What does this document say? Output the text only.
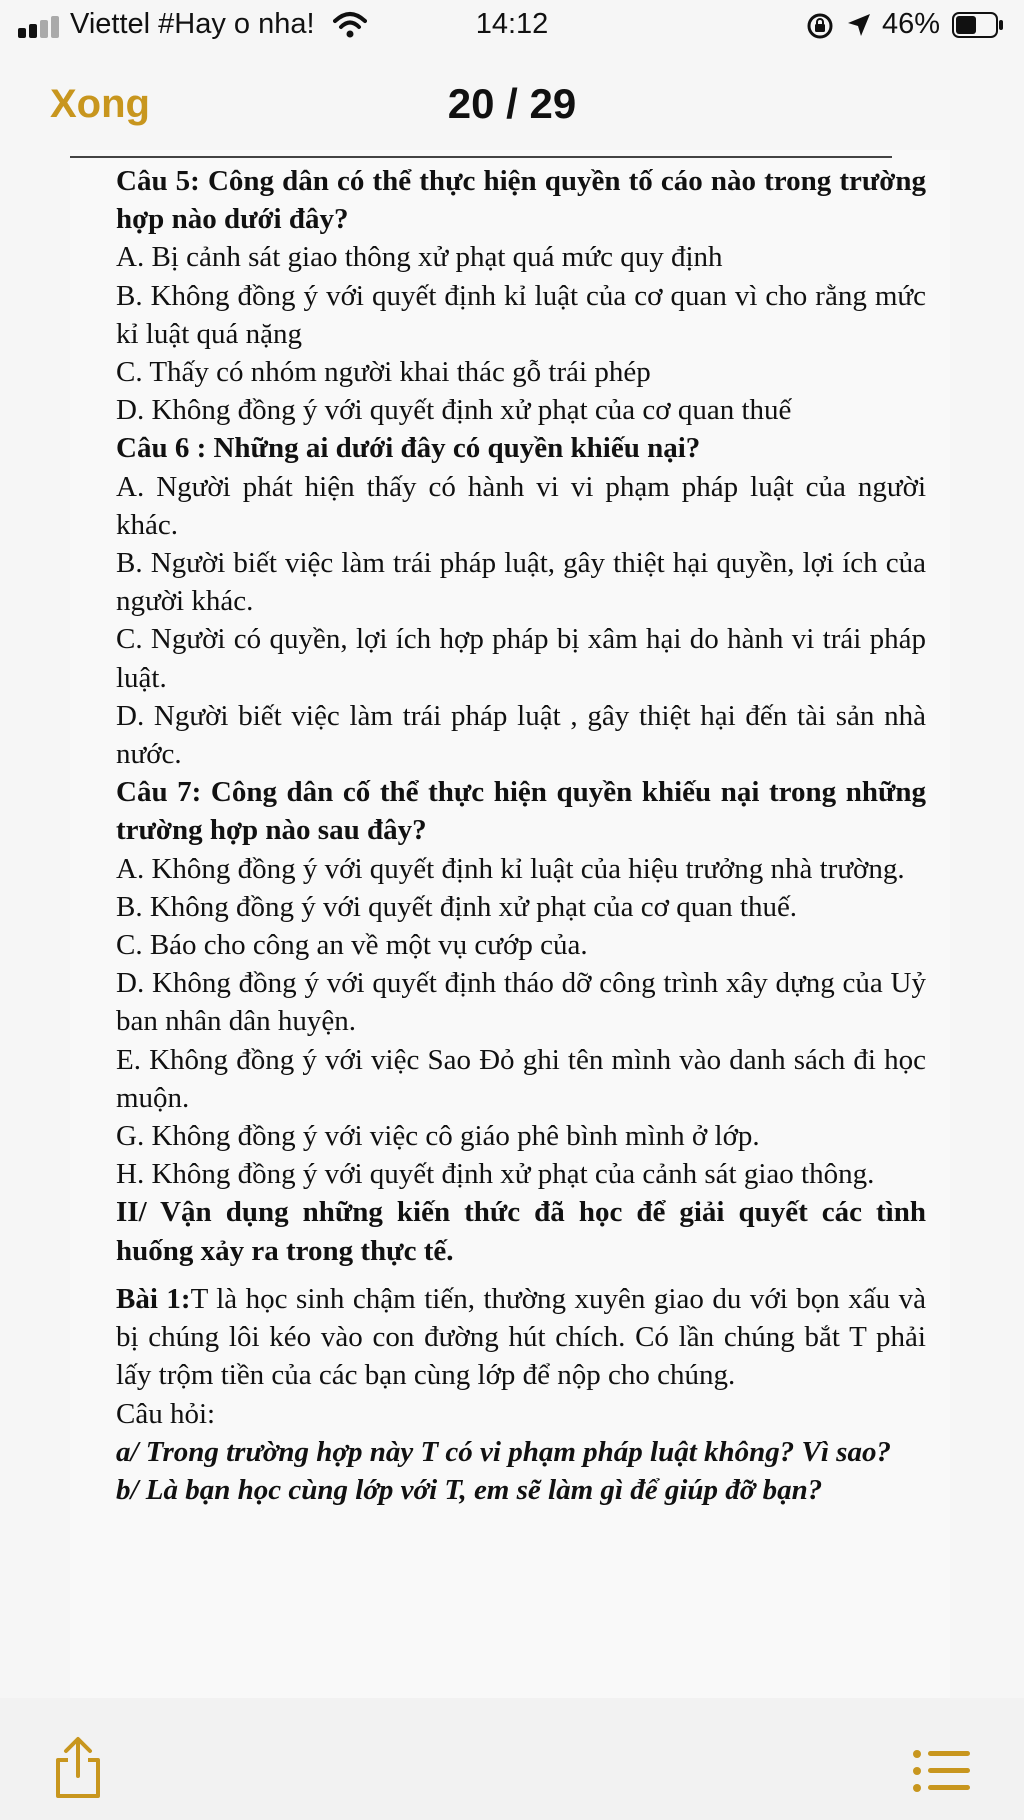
Viettel #Hay o nha!	14:12	46%
Xong	20 / 29

Câu 5: Công dân có thể thực hiện quyền tố cáo nào trong trường hợp nào dưới đây?

A. Bị cảnh sát giao thông xử phạt quá mức quy định

B. Không đồng ý với quyết định kỉ luật của cơ quan vì cho rằng mức kỉ luật quá nặng

C. Thấy có nhóm người khai thác gỗ trái phép

D. Không đồng ý với quyết định xử phạt của cơ quan thuế

Câu 6 : Những ai dưới đây có quyền khiếu nại?

A. Người phát hiện thấy có hành vi vi phạm pháp luật của người khác.

B. Người biết việc làm trái pháp luật, gây thiệt hại quyền, lợi ích của người khác.

C. Người có quyền, lợi ích hợp pháp bị xâm hại do hành vi trái pháp luật.

D. Người biết việc làm trái pháp luật , gây thiệt hại đến tài sản nhà nước.

Câu 7: Công dân cố thể thực hiện quyền khiếu nại trong những trường hợp nào sau đây?

A. Không đồng ý với quyết định kỉ luật của hiệu trưởng nhà trường.

B. Không đồng ý với quyết định xử phạt của cơ quan thuế.

C. Báo cho công an về một vụ cướp của.

D. Không đồng ý với quyết định tháo dỡ công trình xây dựng của Uỷ ban nhân dân huyện.

E. Không đồng ý với việc Sao Đỏ ghi tên mình vào danh sách đi học muộn.

G. Không đồng ý với việc cô giáo phê bình mình ở lớp.

H. Không đồng ý với quyết định xử phạt của cảnh sát giao thông.

II/ Vận dụng những kiến thức đã học để giải quyết các tình huống xảy ra trong thực tế.

Bài 1:T là học sinh chậm tiến, thường xuyên giao du với bọn xấu và bị chúng lôi kéo vào con đường hút chích. Có lần chúng bắt T phải lấy trộm tiền của các bạn cùng lớp để nộp cho chúng.

Câu hỏi:

a/ Trong trường hợp này T có vi phạm pháp luật không? Vì sao?

b/ Là bạn học cùng lớp với T, em sẽ làm gì để giúp đỡ bạn?
